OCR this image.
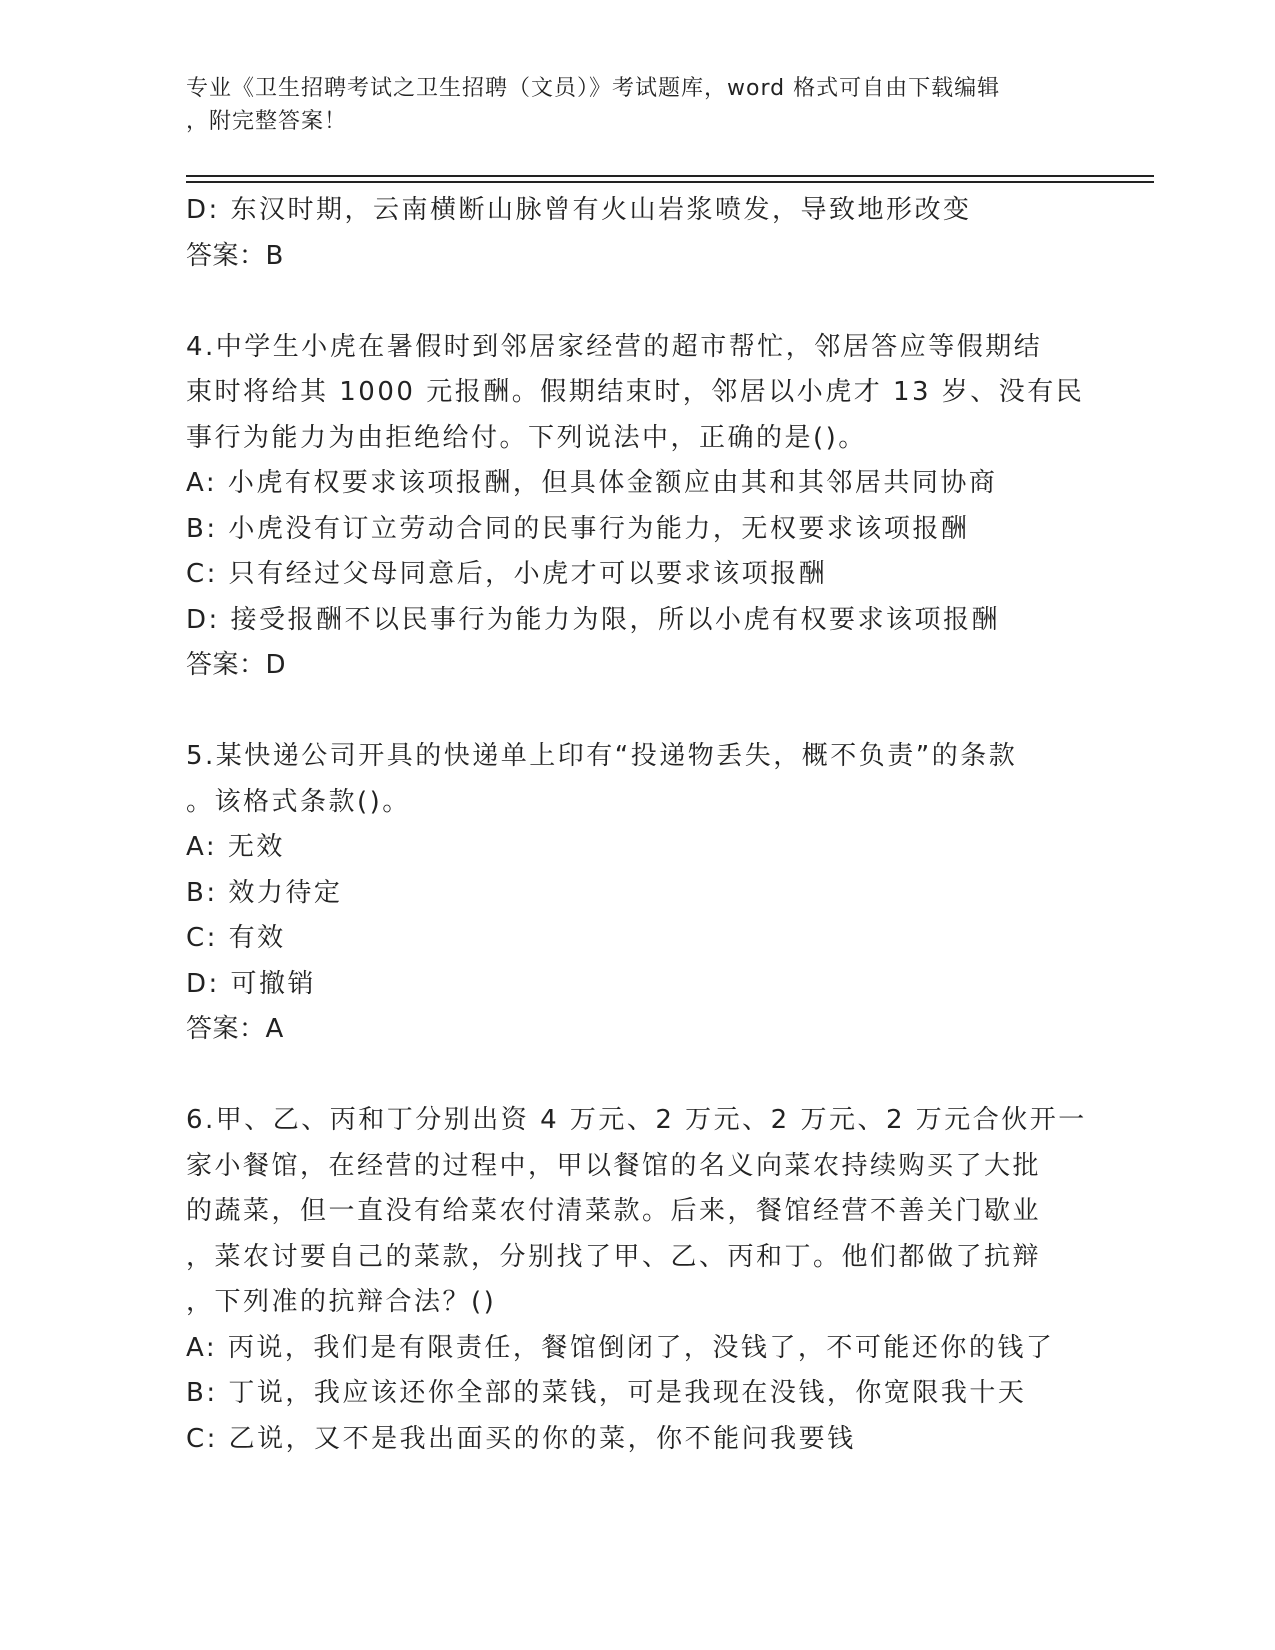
专业《卫生招聘考试之卫生招聘（文员）》考试题库，word 格式可自由下载编辑

，附完整答案！

D: 东汉时期，云南横断山脉曾有火山岩浆喷发，导致地形改变

答案：B

4.中学生小虎在暑假时到邻居家经营的超市帮忙，邻居答应等假期结

束时将给其 1000 元报酬。假期结束时，邻居以小虎才 13 岁、没有民

事行为能力为由拒绝给付。下列说法中，正确的是()。

A: 小虎有权要求该项报酬，但具体金额应由其和其邻居共同协商

B: 小虎没有订立劳动合同的民事行为能力，无权要求该项报酬

C: 只有经过父母同意后，小虎才可以要求该项报酬

D: 接受报酬不以民事行为能力为限，所以小虎有权要求该项报酬

答案：D

5.某快递公司开具的快递单上印有“投递物丢失，概不负责”的条款

。该格式条款()。

A: 无效

B: 效力待定

C: 有效

D: 可撤销

答案：A

6.甲、乙、丙和丁分别出资 4 万元、2 万元、2 万元、2 万元合伙开一

家小餐馆，在经营的过程中，甲以餐馆的名义向菜农持续购买了大批

的蔬菜，但一直没有给菜农付清菜款。后来，餐馆经营不善关门歇业

，菜农讨要自己的菜款，分别找了甲、乙、丙和丁。他们都做了抗辩

，下列准的抗辩合法？()

A: 丙说，我们是有限责任，餐馆倒闭了，没钱了，不可能还你的钱了

B: 丁说，我应该还你全部的菜钱，可是我现在没钱，你宽限我十天

C: 乙说，又不是我出面买的你的菜，你不能问我要钱
